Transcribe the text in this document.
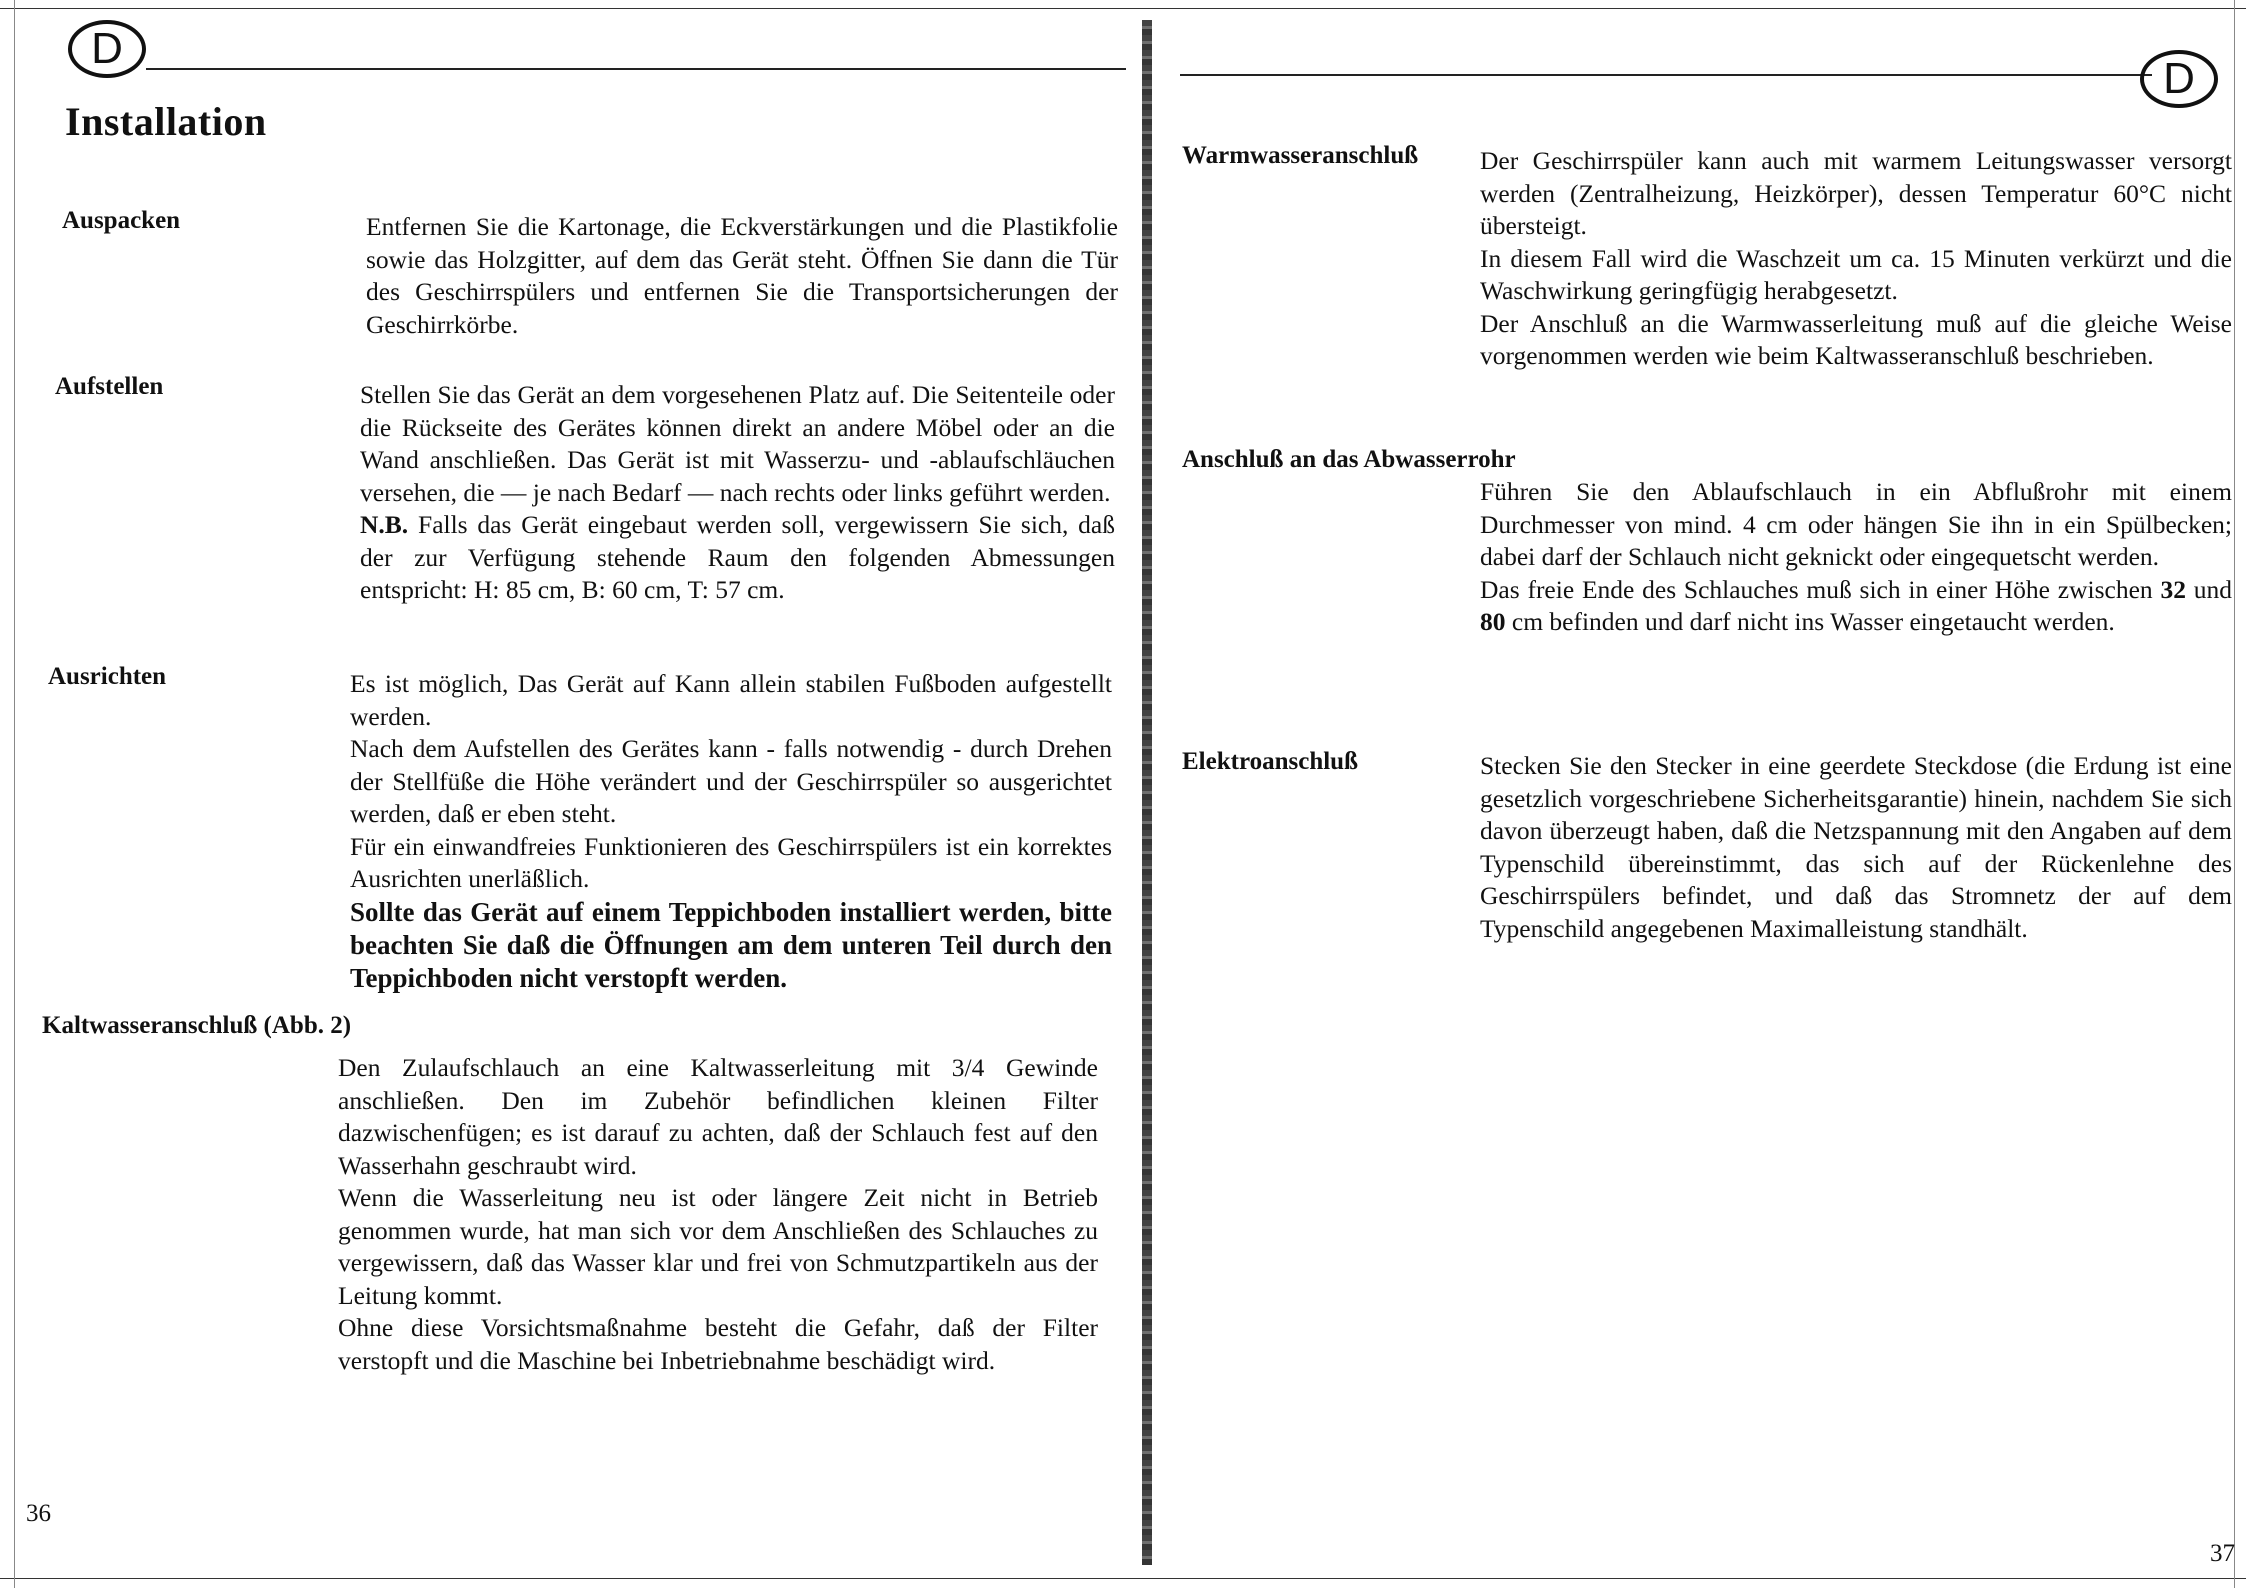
D
Installation
Auspacken	Entfernen Sie die Kartonage, die Eckverstärkungen und die Plastikfolie sowie das Holzgitter, auf dem das Gerät steht. Öffnen Sie dann die Tür des Geschirrspülers und entfernen Sie die Transportsicherungen der Geschirrkörbe.

Aufstellen	Stellen Sie das Gerät an dem vorgesehenen Platz auf. Die Seitenteile oder die Rückseite des Gerätes können direkt an andere Möbel oder an die Wand anschließen. Das Gerät ist mit Wasserzu- und -ablaufschläuchen versehen, die — je nach Bedarf — nach rechts oder links geführt werden.

N.B. Falls das Gerät eingebaut werden soll, vergewissern Sie sich, daß der zur Verfügung stehende Raum den folgenden Abmessungen entspricht: H: 85 cm, B: 60 cm, T: 57 cm.

Ausrichten	Es ist möglich, Das Gerät auf Kann allein stabilen Fußboden aufgestellt werden.

Nach dem Aufstellen des Gerätes kann - falls notwendig - durch Drehen der Stellfüße die Höhe verändert und der Geschirrspüler so ausgerichtet werden, daß er eben steht.

Für ein einwandfreies Funktionieren des Geschirrspülers ist ein korrektes Ausrichten unerläßlich.

Sollte das Gerät auf einem Teppichboden installiert werden, bitte beachten Sie daß die Öffnungen am dem unteren Teil durch den Teppichboden nicht verstopft werden.

Kaltwasseranschluß (Abb. 2)

Den Zulaufschlauch an eine Kaltwasserleitung mit 3/4 Gewinde anschließen. Den im Zubehör befindlichen kleinen Filter dazwischenfügen; es ist darauf zu achten, daß der Schlauch fest auf den Wasserhahn geschraubt wird.

Wenn die Wasserleitung neu ist oder längere Zeit nicht in Betrieb genommen wurde, hat man sich vor dem Anschließen des Schlauches zu vergewissern, daß das Wasser klar und frei von Schmutzpartikeln aus der Leitung kommt.

Ohne diese Vorsichtsmaßnahme besteht die Gefahr, daß der Filter verstopft und die Maschine bei Inbetriebnahme beschädigt wird.

36
D
Warmwasseranschluß Der Geschirrspüler kann auch mit warmem Leitungswasser versorgt werden (Zentralheizung, Heizkörper), dessen Temperatur 60°C nicht übersteigt.

In diesem Fall wird die Waschzeit um ca. 15 Minuten verkürzt und die Waschwirkung geringfügig herabgesetzt.

Der Anschluß an die Warmwasserleitung muß auf die gleiche Weise vorgenommen werden wie beim Kaltwasseranschluß beschrieben.

Anschluß an das Abwasserrohr

Führen Sie den Ablaufschlauch in ein Abflußrohr mit einem Durchmesser von mind. 4 cm oder hängen Sie ihn in ein Spülbecken; dabei darf der Schlauch nicht geknickt oder eingequetscht werden.

Das freie Ende des Schlauches muß sich in einer Höhe zwischen 32 und 80 cm befinden und darf nicht ins Wasser eingetaucht werden.

Elektroanschluß	Stecken Sie den Stecker in eine geerdete Steckdose (die Erdung ist eine gesetzlich vorgeschriebene Sicherheitsgarantie) hinein, nachdem Sie sich davon überzeugt haben, daß die Netzspannung mit den Angaben auf dem Typenschild übereinstimmt, das sich auf der Rückenlehne des Geschirrspülers befindet, und daß das Stromnetz der auf dem Typenschild angegebenen Maximalleistung standhält.

37
